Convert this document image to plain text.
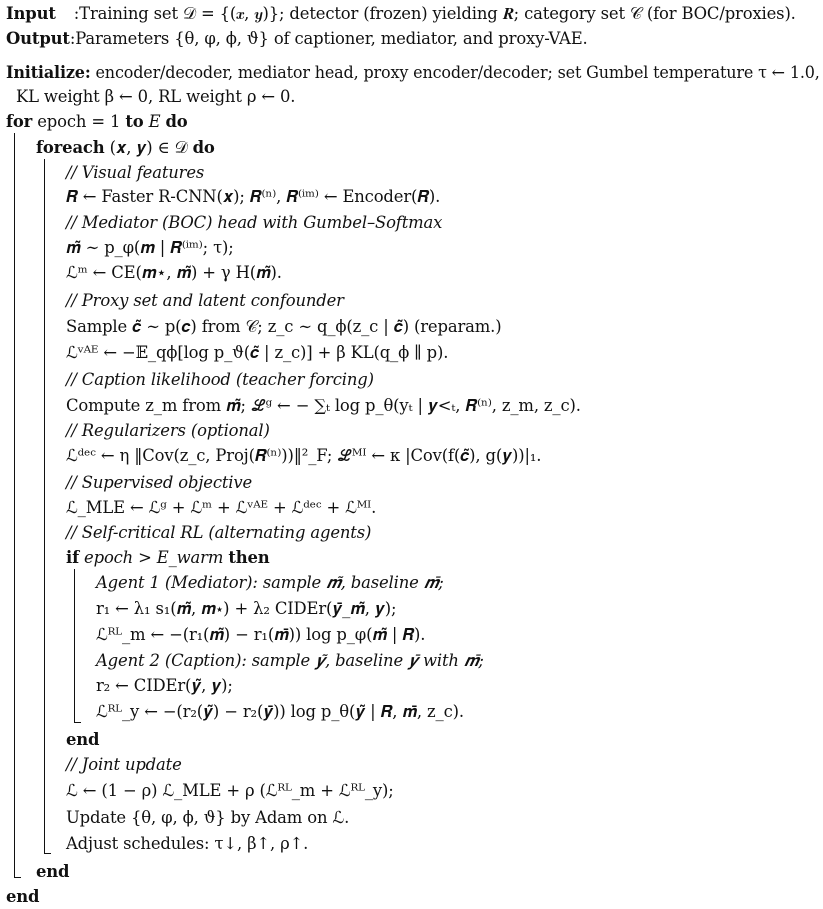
Input :Training set 𝒟 = {(𝒙, 𝒚)}; detector (frozen) yielding 𝑹; category set 𝒞 (for BOC/proxies).
Output:Parameters {θ, φ, ϕ, ϑ} of captioner, mediator, and proxy-VAE.
Initialize: encoder/decoder, mediator head, proxy encoder/decoder; set Gumbel temperature τ ← 1.0,
KL weight β ← 0, RL weight ρ ← 0.
for epoch = 1 to E do
foreach (𝒙, 𝒚) ∈ 𝒟 do
// Visual features
𝑹 ← Faster R-CNN(𝒙); 𝑹⁽ⁿ⁾, 𝑹⁽ⁱᵐ⁾ ← Encoder(𝑹).
// Mediator (BOC) head with Gumbel–Softmax
𝒎̃ ∼ p_φ(𝒎 | 𝑹⁽ⁱᵐ⁾; τ);
ℒᵐ ← CE(𝒎⋆, 𝒎̃) + γ H(𝒎̃).
// Proxy set and latent confounder
Sample 𝒄̃ ∼ p(𝒄) from 𝒞; z_c ∼ q_ϕ(z_c | 𝒄̃) (reparam.)
ℒᵛᴬᴱ ← −𝔼_qϕ[log p_ϑ(𝒄̃ | z_c)] + β KL(q_ϕ ∥ p).
// Caption likelihood (teacher forcing)
Compute z_m from 𝒎̃; ℒᵍ ← − ∑ₜ log p_θ(yₜ | 𝒚<ₜ, 𝑹⁽ⁿ⁾, z_m, z_c).
// Regularizers (optional)
ℒᵈᵉᶜ ← η ‖Cov(z_c, Proj(𝑹⁽ⁿ⁾))‖²_F; ℒᴹᴵ ← κ |Cov(f(𝒄̃), g(𝒚))|₁.
// Supervised objective
ℒ_MLE ← ℒᵍ + ℒᵐ + ℒᵛᴬᴱ + ℒᵈᵉᶜ + ℒᴹᴵ.
// Self-critical RL (alternating agents)
if epoch > E_warm then
Agent 1 (Mediator): sample 𝒎̃, baseline 𝒎̄;
r₁ ← λ₁ s₁(𝒎̃, 𝒎⋆) + λ₂ CIDEr(𝒚̄_𝒎̃, 𝒚);
ℒᴿᴸ_m ← −(r₁(𝒎̃) − r₁(𝒎̄)) log p_φ(𝒎̃ | 𝑹).
Agent 2 (Caption): sample 𝒚̃, baseline 𝒚̄ with 𝒎̄;
r₂ ← CIDEr(𝒚̃, 𝒚);
ℒᴿᴸ_y ← −(r₂(𝒚̃) − r₂(𝒚̄)) log p_θ(𝒚̃ | 𝑹, 𝒎̄, z_c).
end
// Joint update
ℒ ← (1 − ρ) ℒ_MLE + ρ (ℒᴿᴸ_m + ℒᴿᴸ_y);
Update {θ, φ, ϕ, ϑ} by Adam on ℒ.
Adjust schedules: τ↓, β↑, ρ↑.
end
end
